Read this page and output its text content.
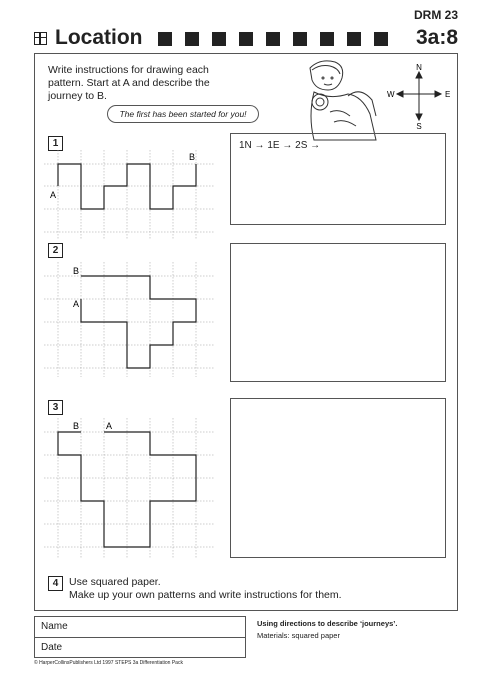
DRM 23
Location	3a:8
Write instructions for drawing each pattern. Start at A and describe the journey to B.
The first has been started for you!
N
S
W	E
1
A
B
1N → 1E → 2S →
2
B
A
3
B	A
4	Use squared paper.
Make up your own patterns and write instructions for them.
Name
Date
Using directions to describe ‘journeys’.
Materials: squared paper
© HarperCollinsPublishers Ltd 1997 STEPS 3a Differentiation Pack
